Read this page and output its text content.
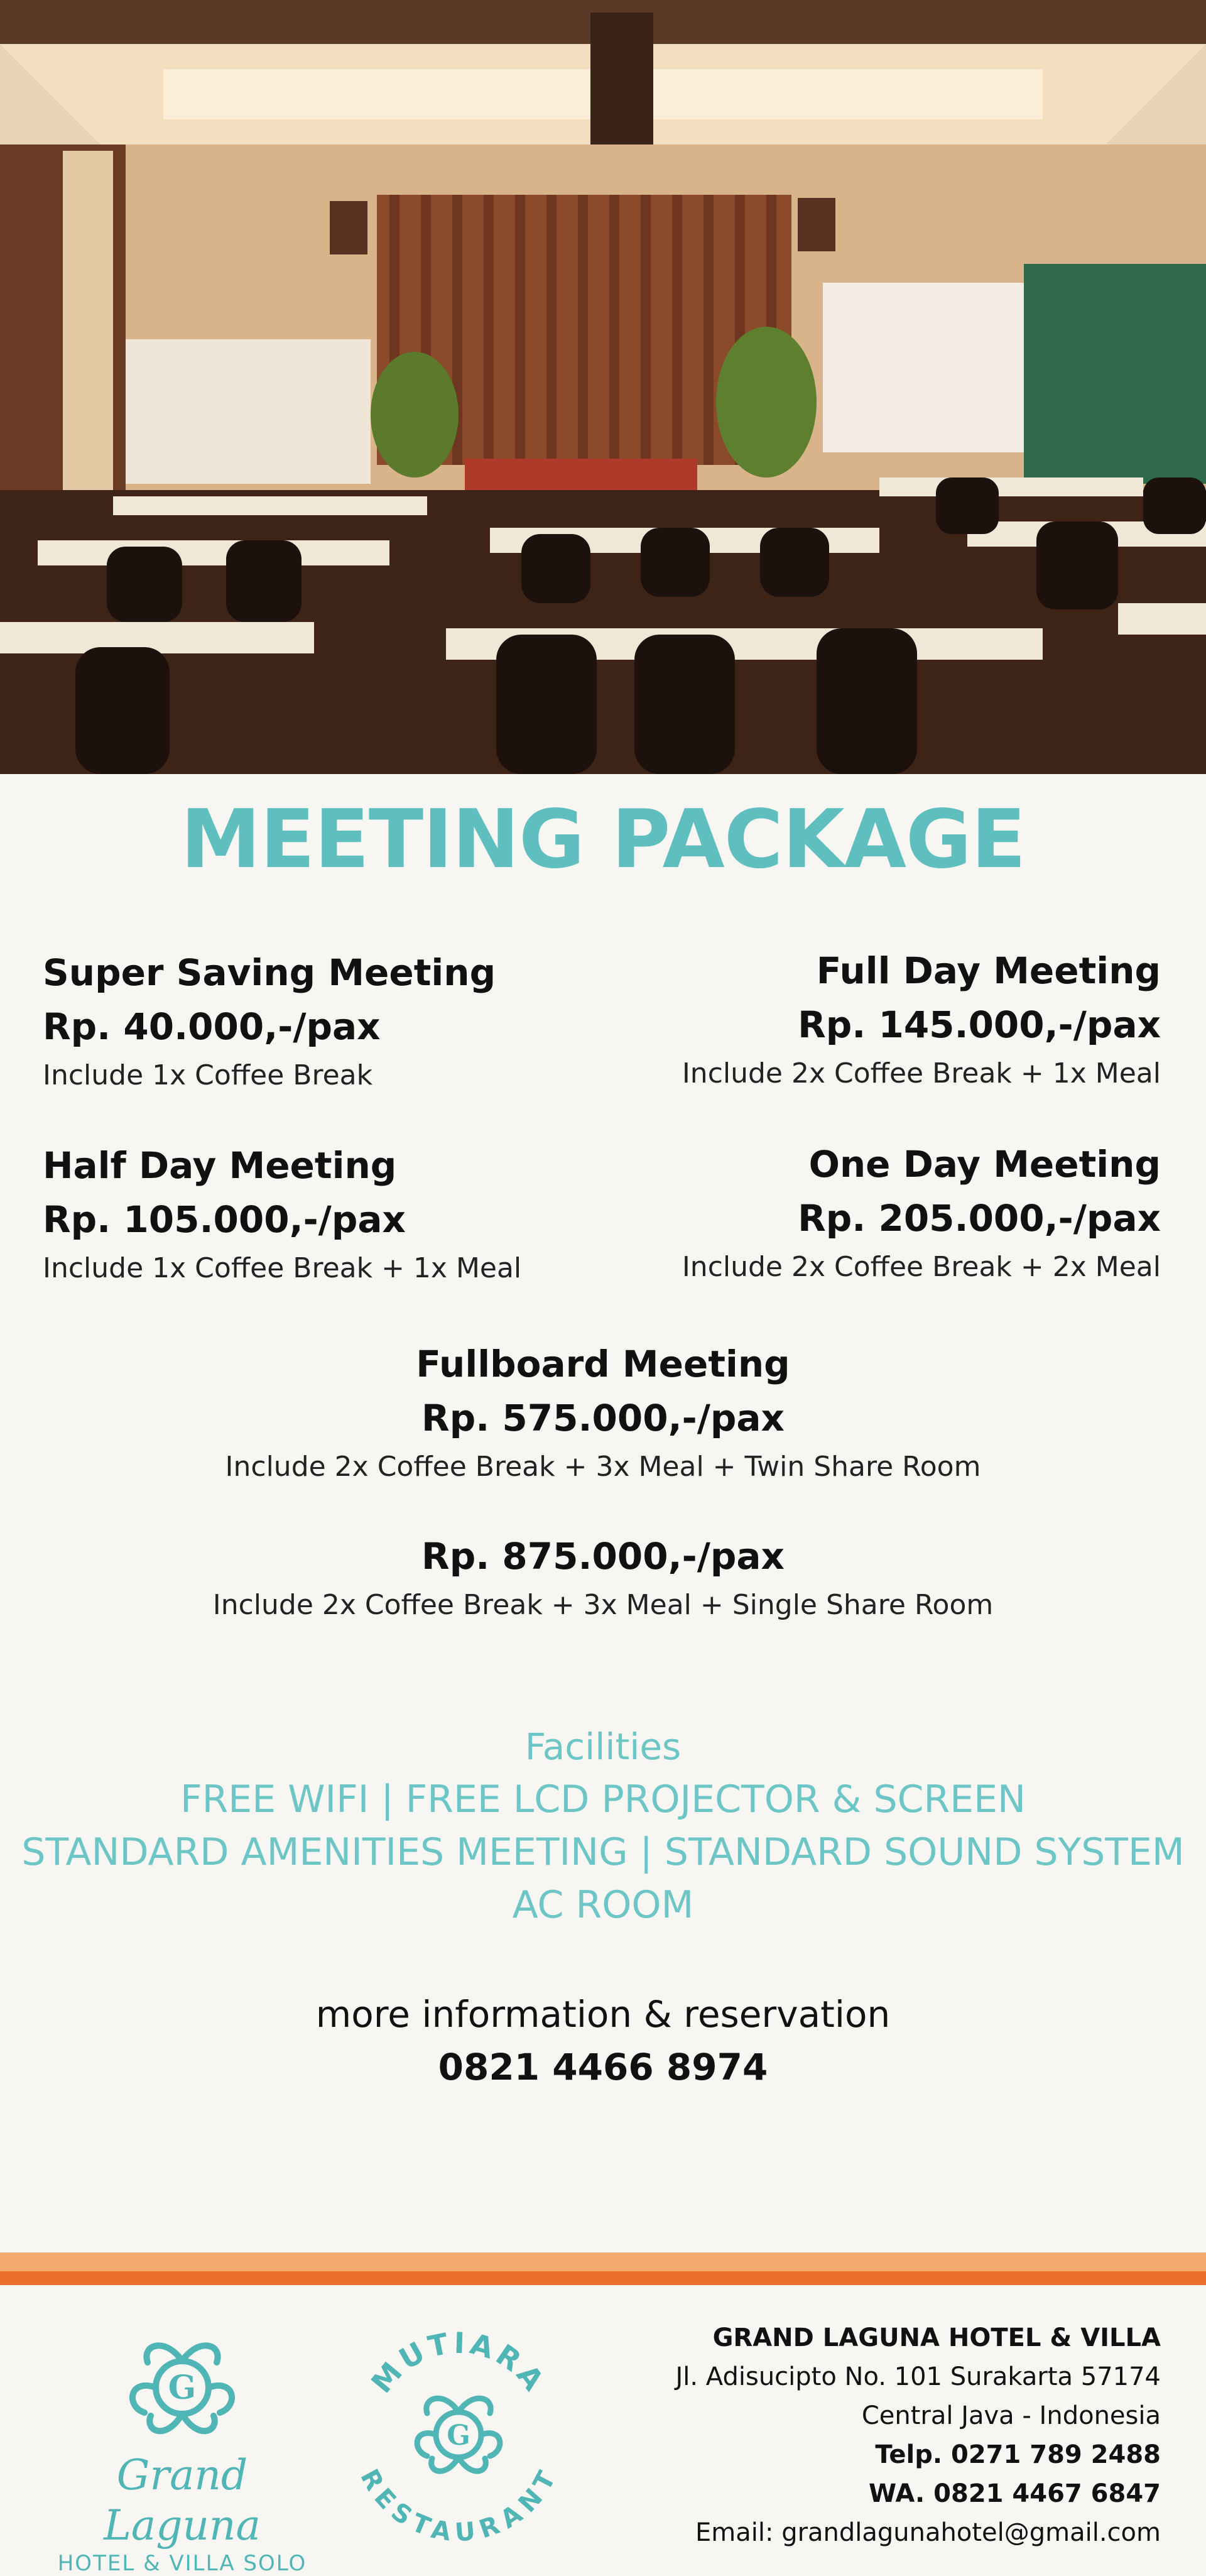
MEETING PACKAGE
Super Saving Meeting
Rp. 40.000,-/pax
Include 1x Coffee Break
Full Day Meeting
Rp. 145.000,-/pax
Include 2x Coffee Break + 1x Meal
Half Day Meeting
Rp. 105.000,-/pax
Include 1x Coffee Break + 1x Meal
One Day Meeting
Rp. 205.000,-/pax
Include 2x Coffee Break + 2x Meal
Fullboard Meeting
Rp. 575.000,-/pax
Include 2x Coffee Break + 3x Meal + Twin Share Room
Rp. 875.000,-/pax
Include 2x Coffee Break + 3x Meal + Single Share Room
Facilities
FREE WIFI | FREE LCD PROJECTOR & SCREEN
STANDARD AMENITIES MEETING | STANDARD SOUND SYSTEM
AC ROOM
more information & reservation
0821 4466 8974
G
Grand Laguna
HOTEL & VILLA SOLO
MUTIARA
RESTAURANT
G
GRAND LAGUNA HOTEL & VILLA
Jl. Adisucipto No. 101 Surakarta 57174
Central Java - Indonesia
Telp. 0271 789 2488
WA. 0821 4467 6847
Email: grandlagunahotel@gmail.com
